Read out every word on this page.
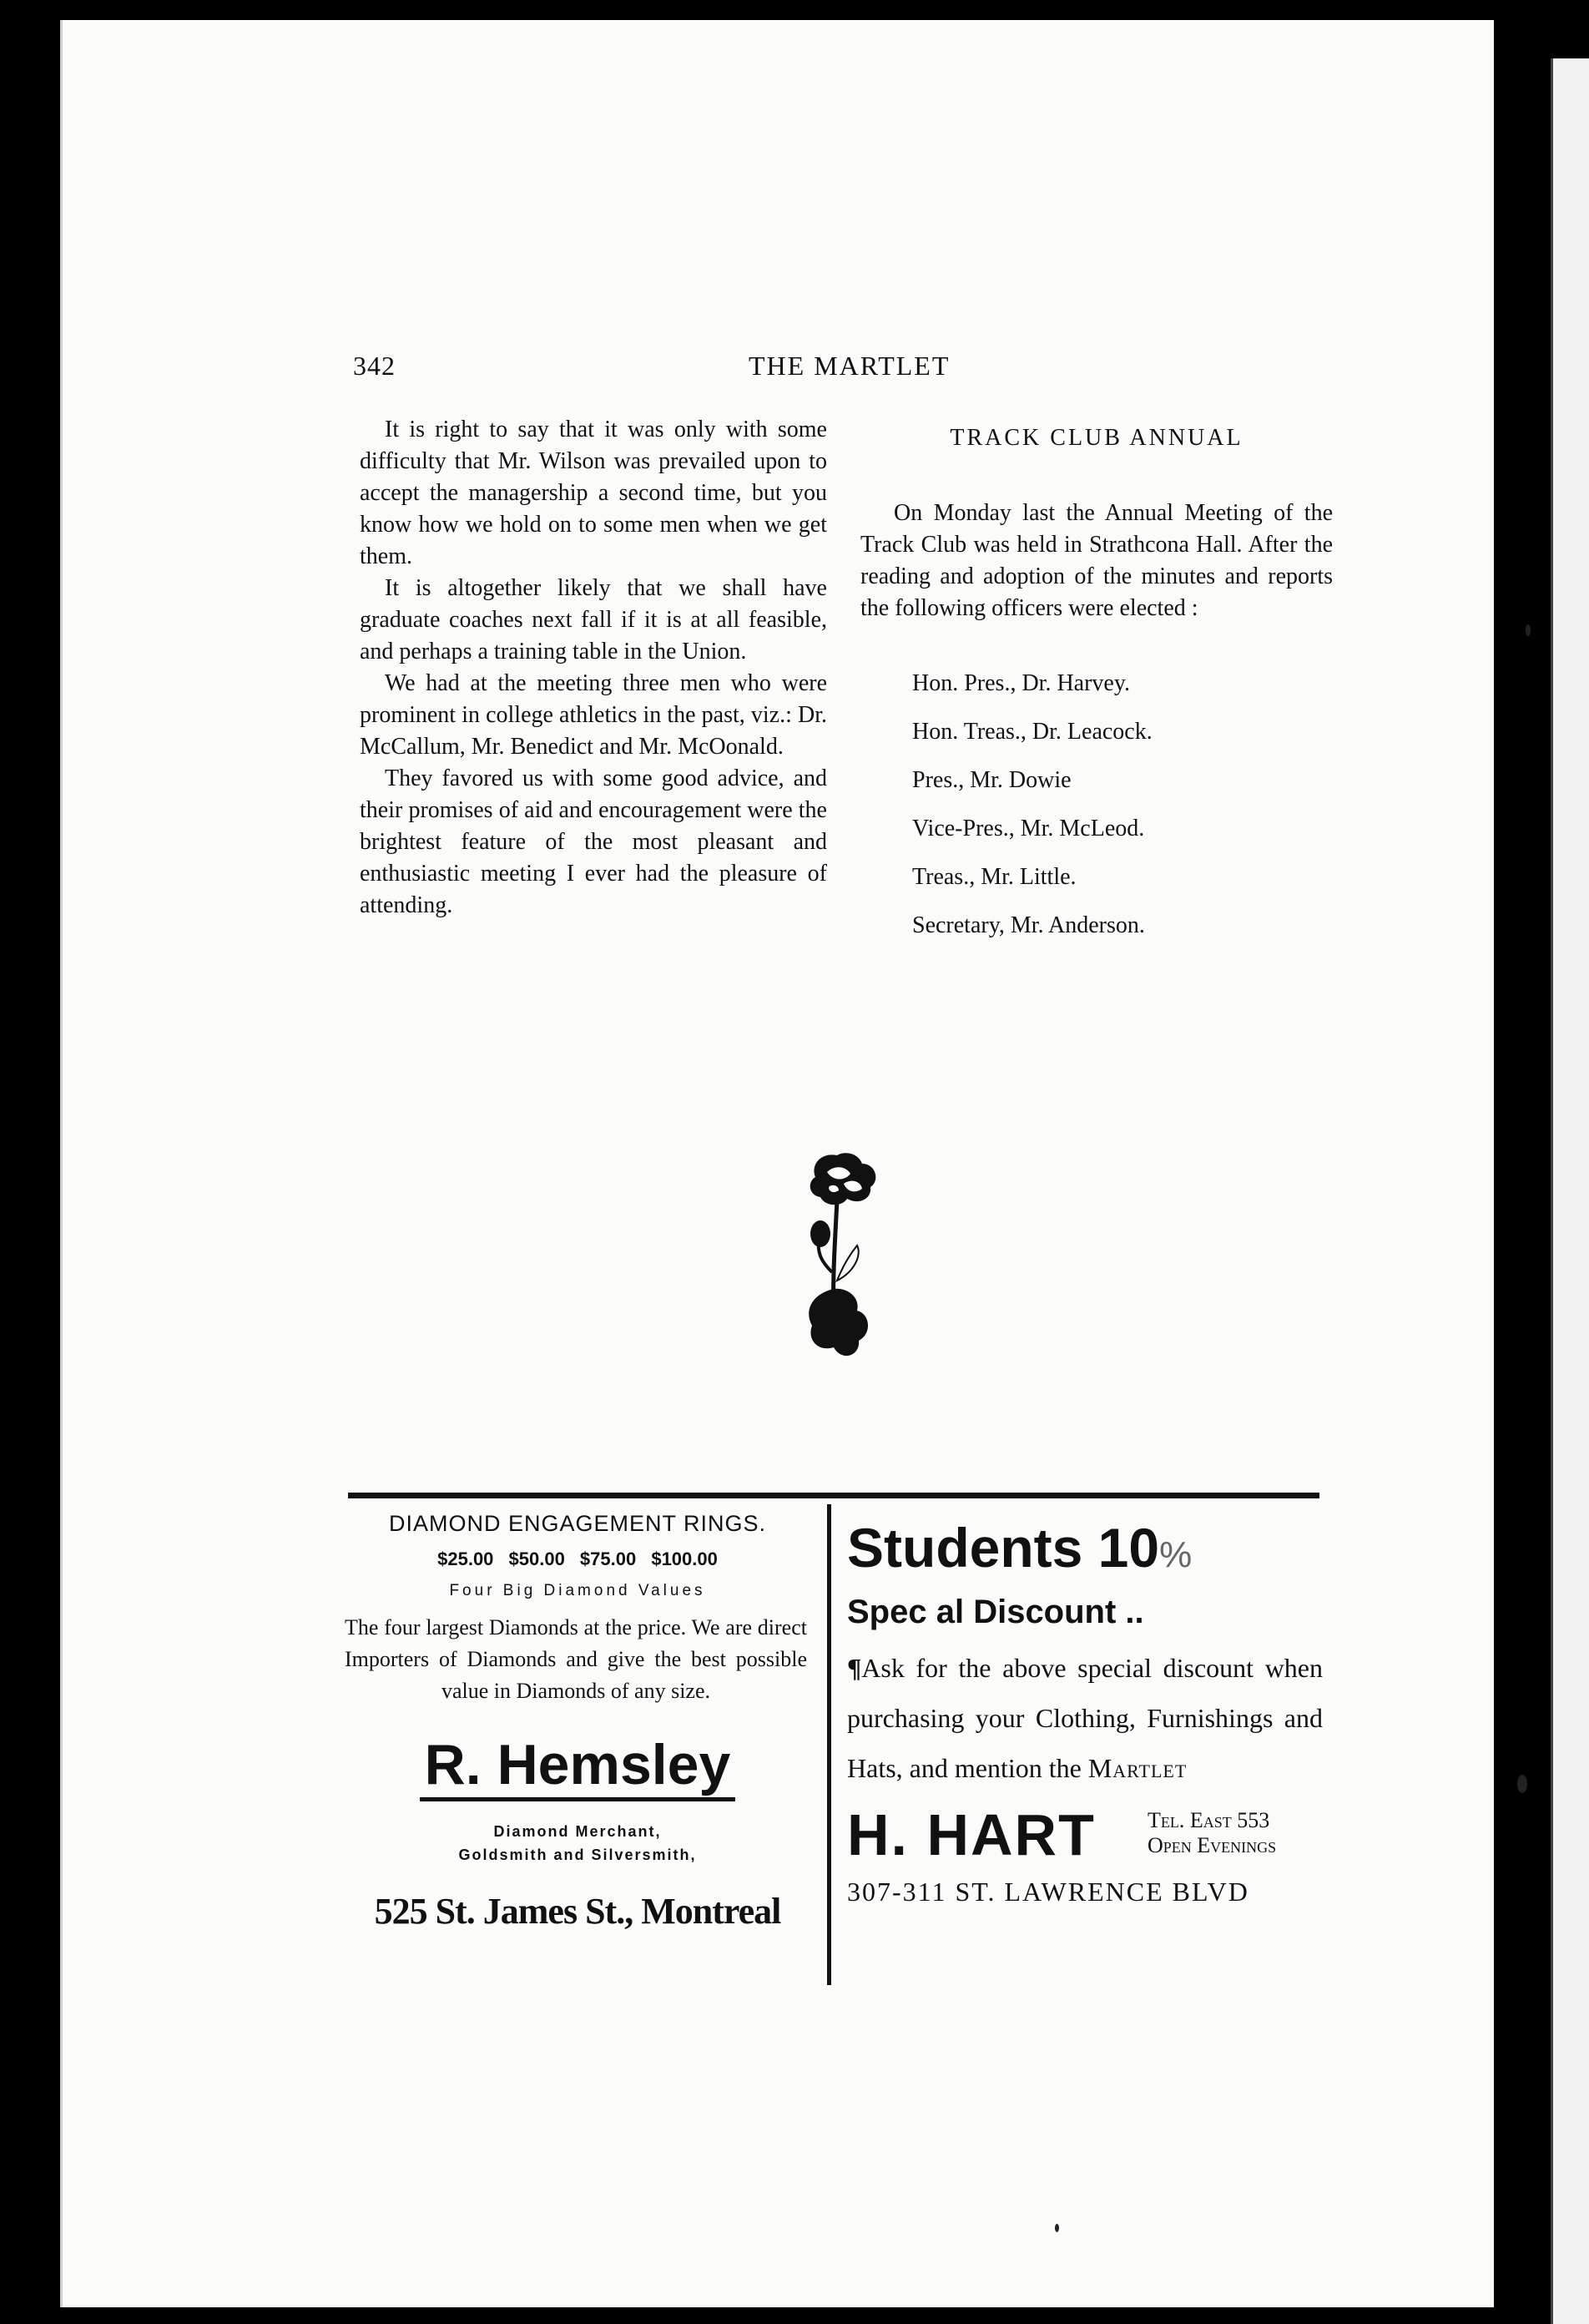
342	THE MARTLET

It is right to say that it was only with some difficulty that Mr. Wilson was prevailed upon to accept the managership a second time, but you know how we hold on to some men when we get them.

It is altogether likely that we shall have graduate coaches next fall if it is at all feasible, and perhaps a training table in the Union.

We had at the meeting three men who were prominent in college athletics in the past, viz.: Dr. McCallum, Mr. Benedict and Mr. McOonald.

They favored us with some good advice, and their promises of aid and encouragement were the brightest feature of the most pleasant and enthusiastic meeting I ever had the pleasure of attending.

TRACK CLUB ANNUAL

On Monday last the Annual Meeting of the Track Club was held in Strathcona Hall. After the reading and adoption of the minutes and reports the following officers were elected :

Hon. Pres., Dr. Harvey.
Hon. Treas., Dr. Leacock.
Pres., Mr. Dowie
Vice-Pres., Mr. McLeod.
Treas., Mr. Little.
Secretary, Mr. Anderson.
DIAMOND ENGAGEMENT RINGS.
$25.00 $50.00 $75.00 $100.00
Four Big Diamond Values
The four largest Diamonds at the price. We are direct Importers of Diamonds and give the best possible value in Diamonds of any size.
R. Hemsley
Diamond Merchant,
Goldsmith and Silversmith,
525 St. James St., Montreal
Students 10%
Spec al Discount ..
¶Ask for the above special discount when purchasing your Clothing, Furnishings and Hats, and mention the Martlet
H. HART Tel. East 553
Open Evenings
307-311 ST. LAWRENCE BLVD
